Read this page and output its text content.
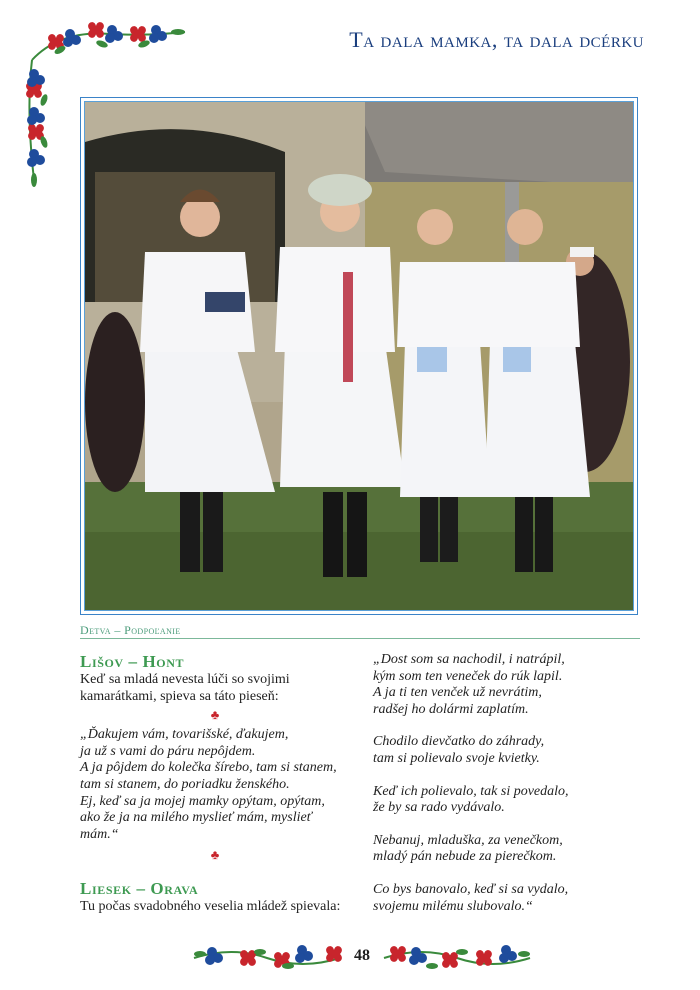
Ta dala mamka, ta dala dcérku
Detva – Podpoľanie
Lišov – Hont

Keď sa mladá nevesta lúči so svojimi kamarátkami, spieva sa táto pieseň:

♣
„Ďakujem vám, tovarišské, ďakujem,
ja už s vami do páru nepôjdem.
A ja pôjdem do kolečka šírebo, tam si stanem,
tam si stanem, do poriadku ženského.
Ej, keď sa ja mojej mamky opýtam, opýtam,
ako že ja na milého myslieť mám, myslieť mám.“
♣
Liesek – Orava

Tu počas svadobného veselia mládež spievala:

„Dost som sa nachodil, i natrápil,
kým som ten veneček do rúk lapil.
A ja ti ten venček už nevrátim,
radšej ho dolármi zaplatím.
Chodilo dievčatko do záhrady,
tam si polievalo svoje kvietky.
Keď ich polievalo, tak si povedalo,
že by sa rado vydávalo.
Nebanuj, mladuška, za venečkom,
mladý pán nebude za pierečkom.
Co bys banovalo, keď si sa vydalo,
svojemu milému slubovalo.“
48
